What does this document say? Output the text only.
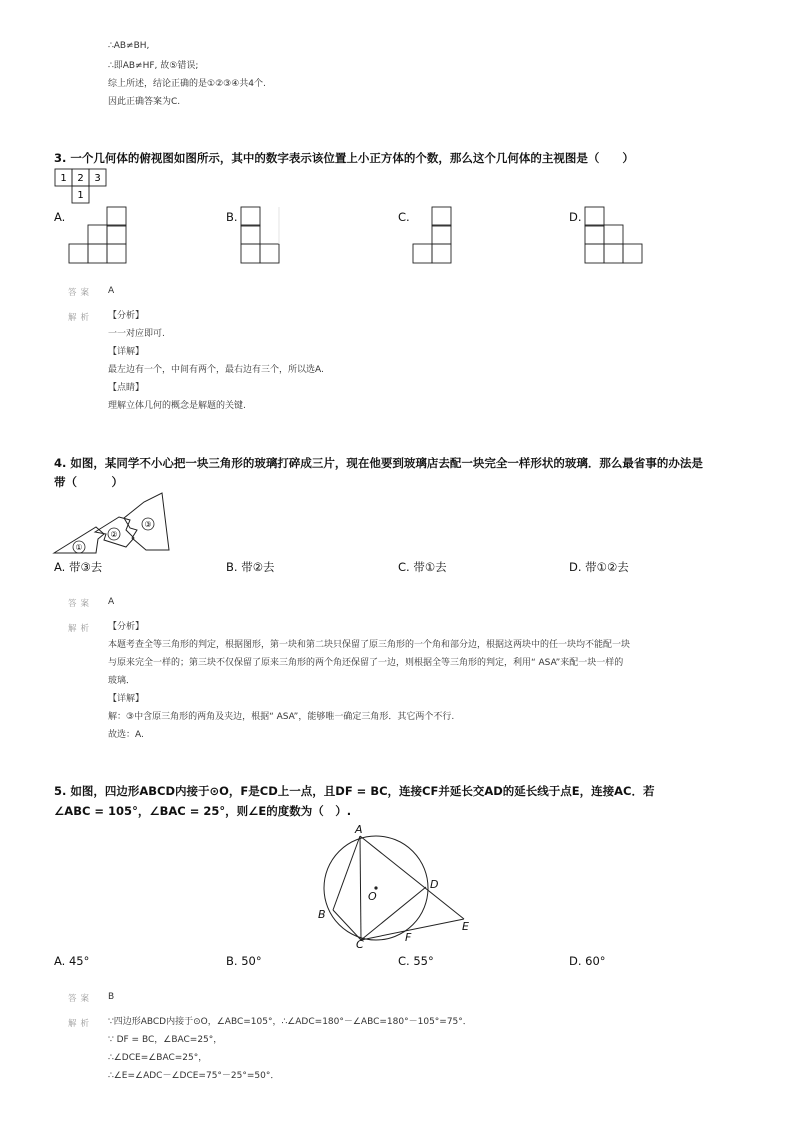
∴AB≠BH,
∴即AB≠HF, 故⑤错误;
综上所述，结论正确的是①②③④共4个.
因此正确答案为C.
3. 一个几何体的俯视图如图所示，其中的数字表示该位置上小正方体的个数，那么这个几何体的主视图是（　　）
1 2 3
1
A.	B.	C.	D.
答案 A
解析 【分析】
一一对应即可.
【详解】
最左边有一个，中间有两个，最右边有三个，所以选A.
【点睛】
理解立体几何的概念是解题的关键.
4. 如图，某同学不小心把一块三角形的玻璃打碎成三片，现在他要到玻璃店去配一块完全一样形状的玻璃．那么最省事的办法是
带（　　　）
①
②
③
A. 带③去	B. 带②去	C. 带①去	D. 带①②去
答案 A
解析 【分析】
本题考查全等三角形的判定，根据图形，第一块和第二块只保留了原三角形的一个角和部分边，根据这两块中的任一块均不能配一块
与原来完全一样的；第三块不仅保留了原来三角形的两个角还保留了一边，则根据全等三角形的判定，利用“ ASA”来配一块一样的
玻璃．
【详解】
解：③中含原三角形的两角及夹边，根据“ ASA”，能够唯一确定三角形．其它两个不行.
故选：A.
5. 如图，四边形ABCD内接于⊙O，F是CD上一点，且DF = BC，连接CF并延长交AD的延长线于点E，连接AC．若
∠ABC = 105°，∠BAC = 25°，则∠E的度数为（　）.
A
B
C
D
E
F
O
A. 45°	B. 50°	C. 55°	D. 60°
答案 B
解析 ∵四边形ABCD内接于⊙O，∠ABC=105°，∴∠ADC=180°－∠ABC=180°－105°=75°．
∵ DF = BC，∠BAC=25°，
∴∠DCE=∠BAC=25°，
∴∠E=∠ADC－∠DCE=75°－25°=50°．
